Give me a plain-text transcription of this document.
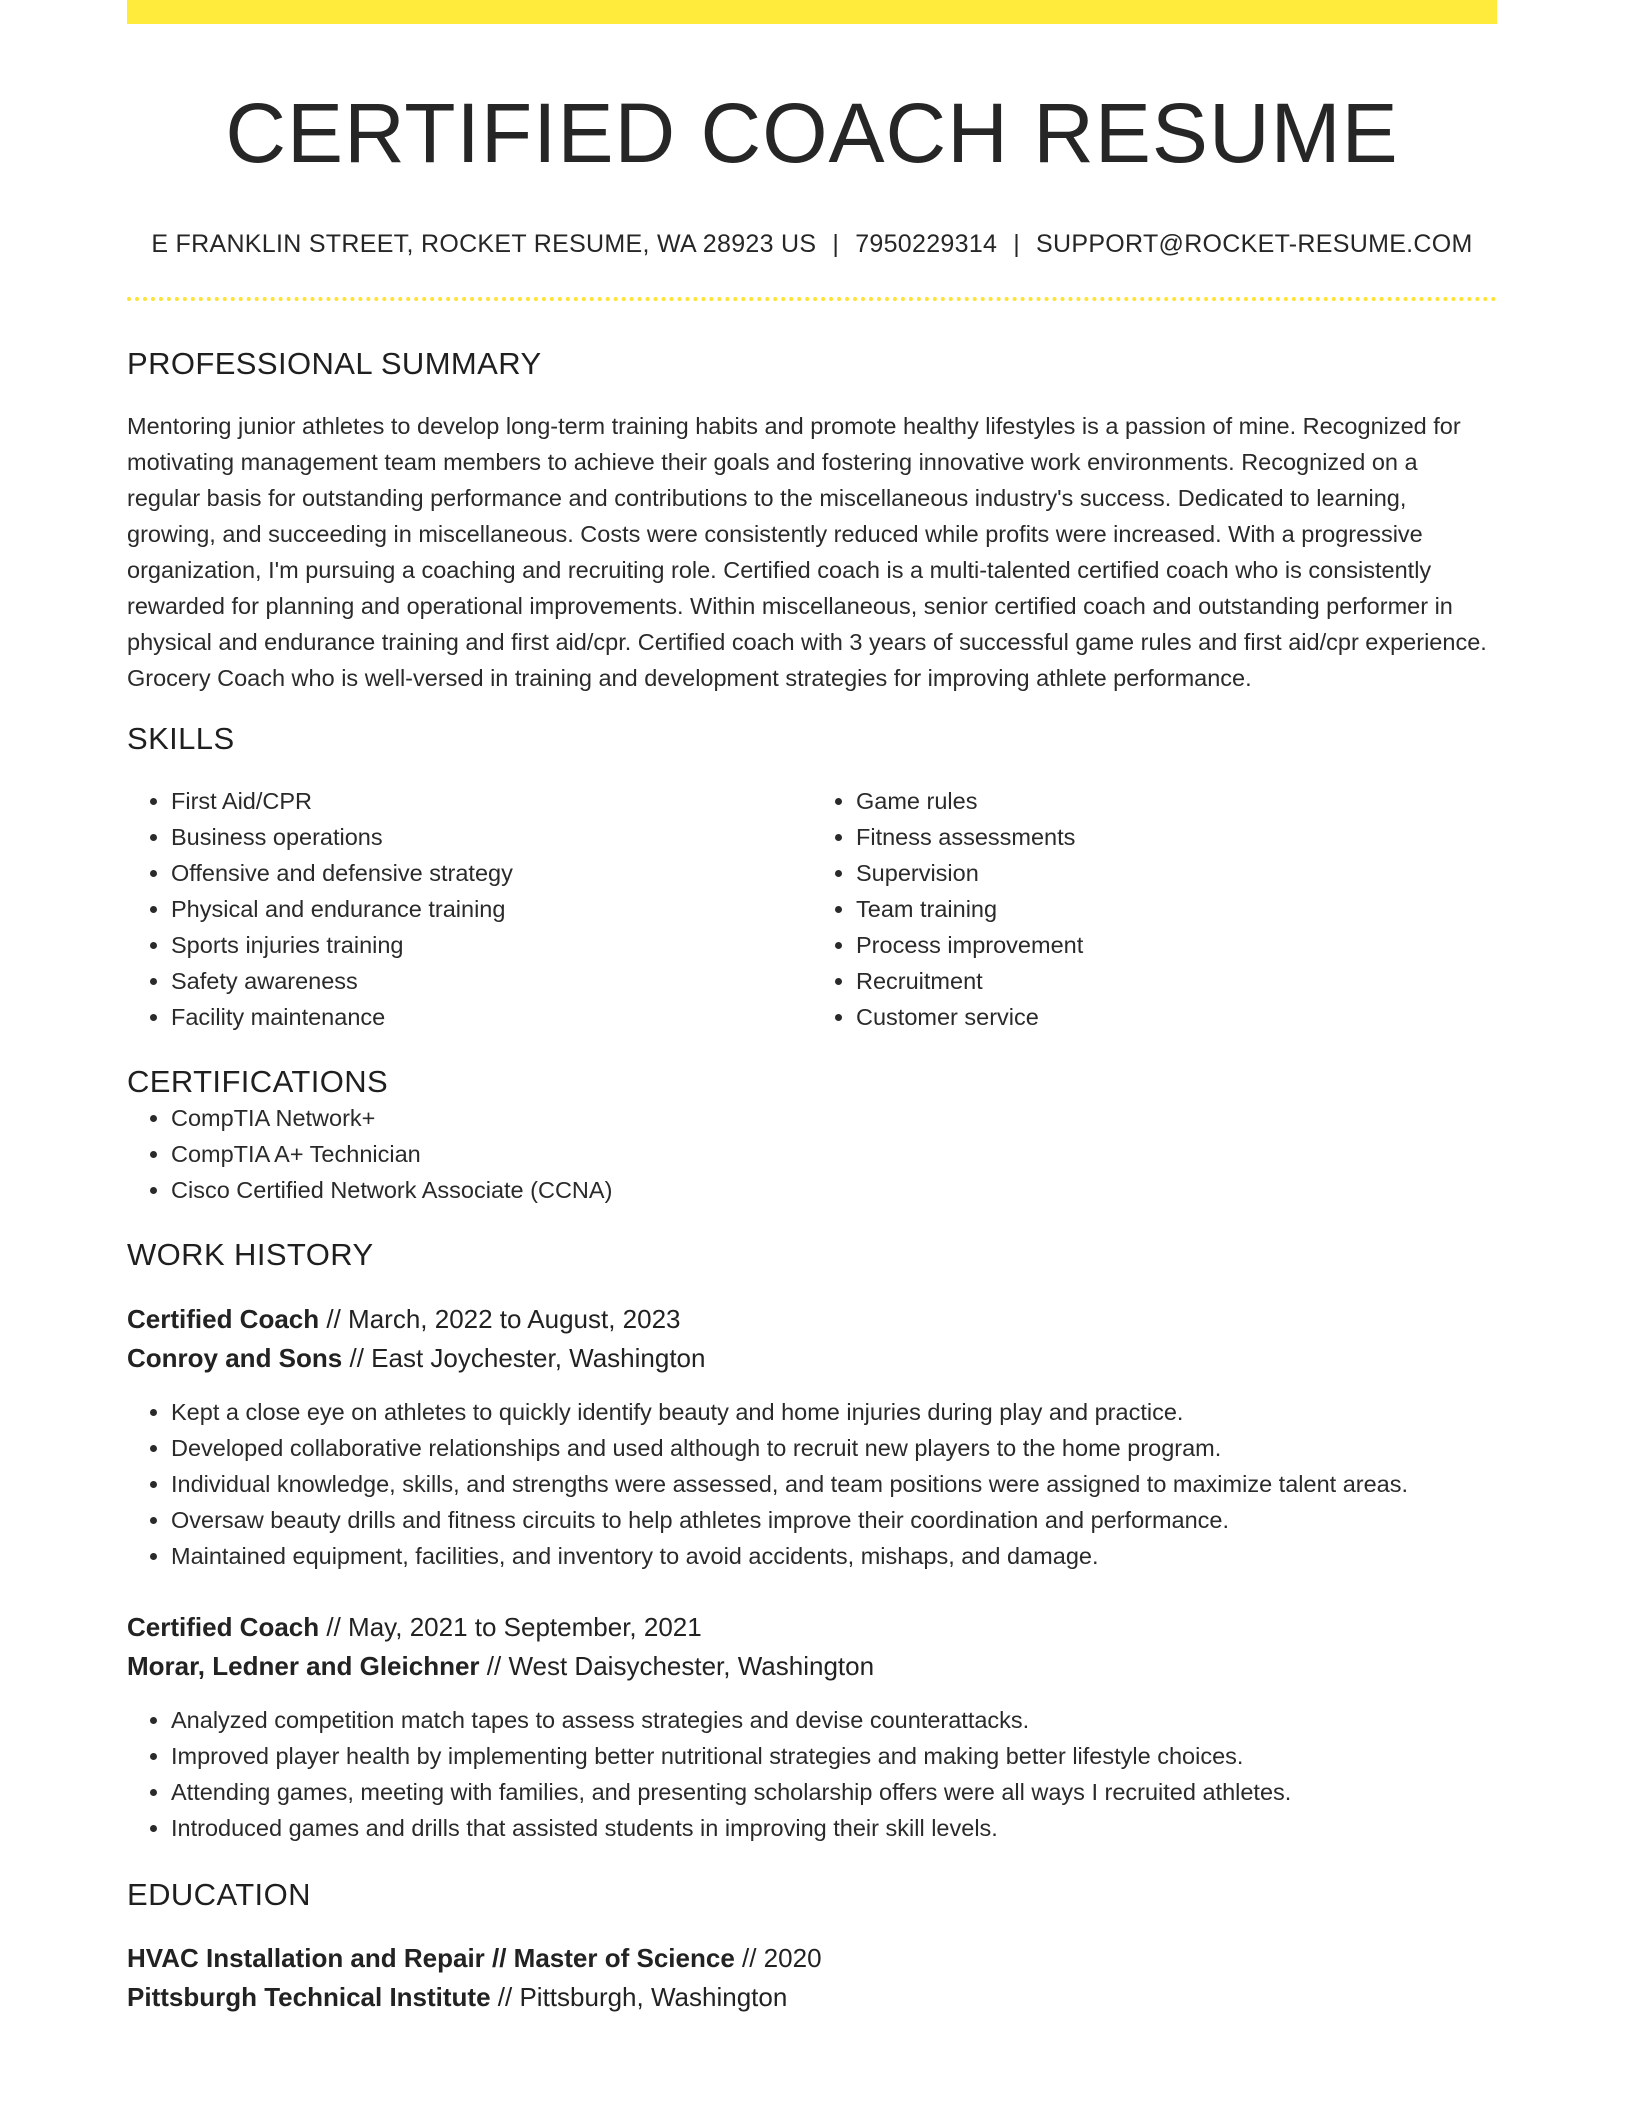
CERTIFIED COACH RESUME
E FRANKLIN STREET, ROCKET RESUME, WA 28923 US | 7950229314 | SUPPORT@ROCKET-RESUME.COM
PROFESSIONAL SUMMARY

Mentoring junior athletes to develop long-term training habits and promote healthy lifestyles is a passion of mine. Recognized for motivating management team members to achieve their goals and fostering innovative work environments. Recognized on a regular basis for outstanding performance and contributions to the miscellaneous industry's success. Dedicated to learning, growing, and succeeding in miscellaneous. Costs were consistently reduced while profits were increased. With a progressive organization, I'm pursuing a coaching and recruiting role. Certified coach is a multi-talented certified coach who is consistently rewarded for planning and operational improvements. Within miscellaneous, senior certified coach and outstanding performer in physical and endurance training and first aid/cpr. Certified coach with 3 years of successful game rules and first aid/cpr experience. Grocery Coach who is well-versed in training and development strategies for improving athlete performance.

SKILLS
• First Aid/CPR
• Business operations
• Offensive and defensive strategy
• Physical and endurance training
• Sports injuries training
• Safety awareness
• Facility maintenance
• Game rules
• Fitness assessments
• Supervision
• Team training
• Process improvement
• Recruitment
• Customer service
CERTIFICATIONS
• CompTIA Network+
• CompTIA A+ Technician
• Cisco Certified Network Associate (CCNA)
WORK HISTORY
Certified Coach // March, 2022 to August, 2023
Conroy and Sons // East Joychester, Washington
• Kept a close eye on athletes to quickly identify beauty and home injuries during play and practice.
• Developed collaborative relationships and used although to recruit new players to the home program.
• Individual knowledge, skills, and strengths were assessed, and team positions were assigned to maximize talent areas.
• Oversaw beauty drills and fitness circuits to help athletes improve their coordination and performance.
• Maintained equipment, facilities, and inventory to avoid accidents, mishaps, and damage.
Certified Coach // May, 2021 to September, 2021
Morar, Ledner and Gleichner // West Daisychester, Washington
• Analyzed competition match tapes to assess strategies and devise counterattacks.
• Improved player health by implementing better nutritional strategies and making better lifestyle choices.
• Attending games, meeting with families, and presenting scholarship offers were all ways I recruited athletes.
• Introduced games and drills that assisted students in improving their skill levels.
EDUCATION
HVAC Installation and Repair // Master of Science // 2020
Pittsburgh Technical Institute // Pittsburgh, Washington
